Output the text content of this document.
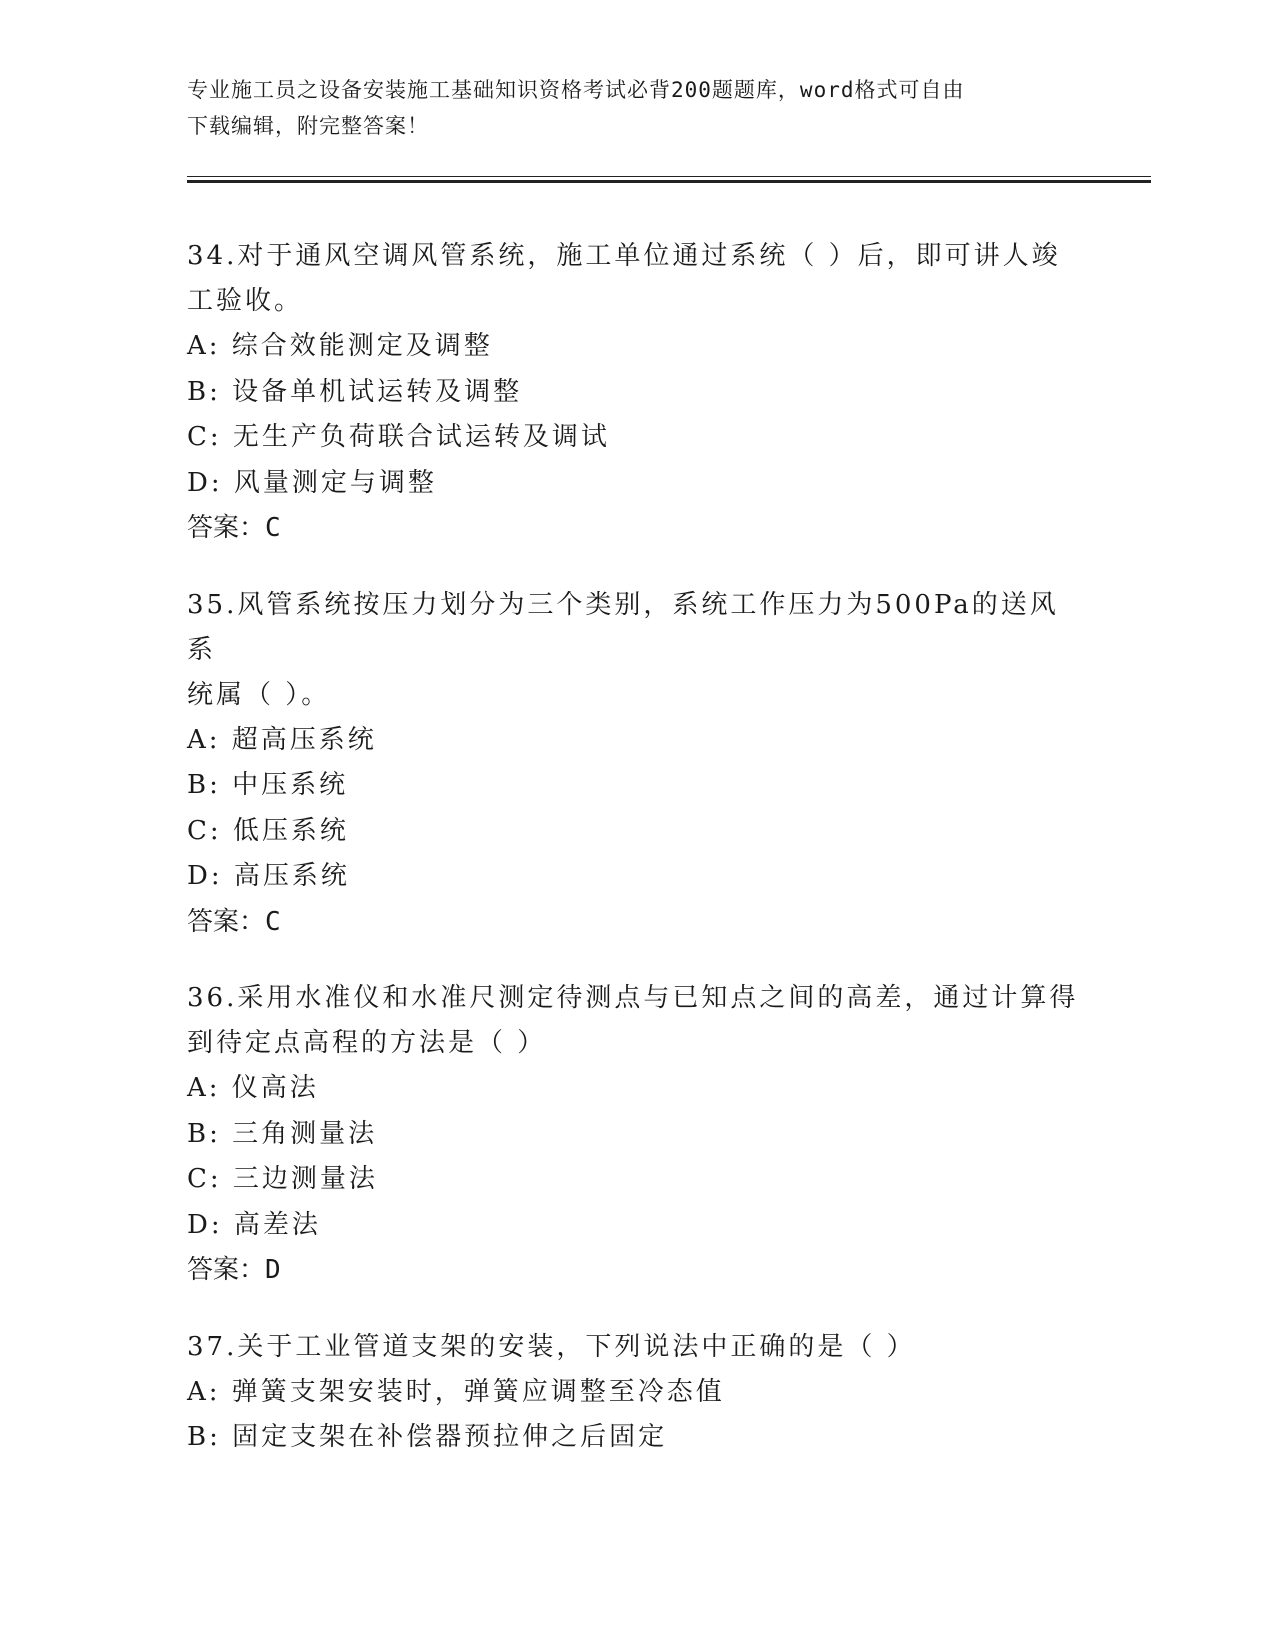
专业施工员之设备安装施工基础知识资格考试必背200题题库，word格式可自由
下载编辑，附完整答案！

34.对于通风空调风管系统，施工单位通过系统（ ）后，即可讲人竣

工验收。

A: 综合效能测定及调整

B: 设备单机试运转及调整

C: 无生产负荷联合试运转及调试

D: 风量测定与调整

答案：C

35.风管系统按压力划分为三个类别，系统工作压力为500Pa的送风系

统属（ ）。

A: 超高压系统

B: 中压系统

C: 低压系统

D: 高压系统

答案：C

36.采用水准仪和水准尺测定待测点与已知点之间的高差，通过计算得

到待定点高程的方法是（ ）

A: 仪高法

B: 三角测量法

C: 三边测量法

D: 高差法

答案：D

37.关于工业管道支架的安装，下列说法中正确的是（ ）

A: 弹簧支架安装时，弹簧应调整至冷态值

B: 固定支架在补偿器预拉伸之后固定
